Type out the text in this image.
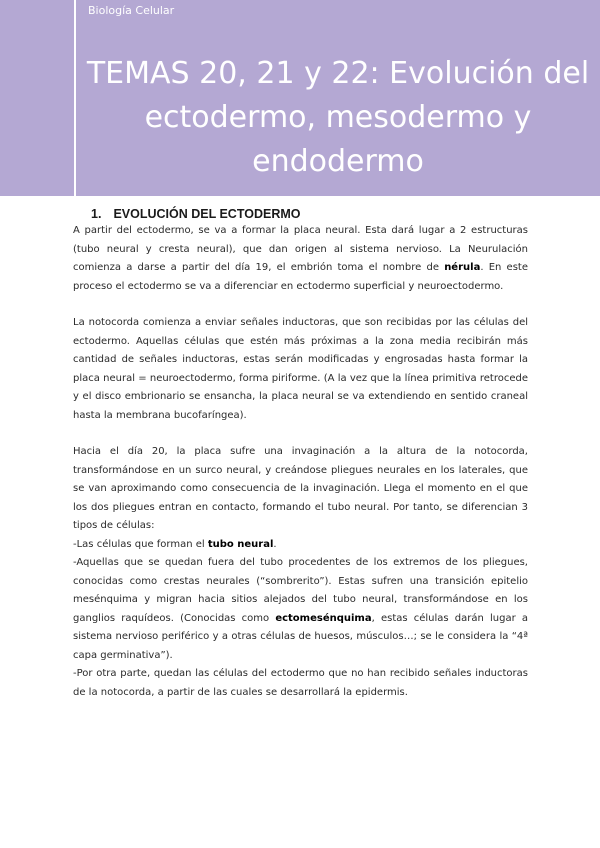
Biología Celular
TEMAS 20, 21 y 22: Evolución del ectodermo, mesodermo y endodermo
1. EVOLUCIÓN DEL ECTODERMO

A partir del ectodermo, se va a formar la placa neural. Esta dará lugar a 2 estructuras (tubo neural y cresta neural), que dan origen al sistema nervioso. La Neurulación comienza a darse a partir del día 19, el embrión toma el nombre de nérula. En este proceso el ectodermo se va a diferenciar en ectodermo superficial y neuroectodermo.

La notocorda comienza a enviar señales inductoras, que son recibidas por las células del ectodermo. Aquellas células que estén más próximas a la zona media recibirán más cantidad de señales inductoras, estas serán modificadas y engrosadas hasta formar la placa neural = neuroectodermo, forma piriforme. (A la vez que la línea primitiva retrocede y el disco embrionario se ensancha, la placa neural se va extendiendo en sentido craneal hasta la membrana bucofaríngea).

Hacia el día 20, la placa sufre una invaginación a la altura de la notocorda, transformándose en un surco neural, y creándose pliegues neurales en los laterales, que se van aproximando como consecuencia de la invaginación. Llega el momento en el que los dos pliegues entran en contacto, formando el tubo neural. Por tanto, se diferencian 3 tipos de células:

-Las células que forman el tubo neural.

-Aquellas que se quedan fuera del tubo procedentes de los extremos de los pliegues, conocidas como crestas neurales (“sombrerito”). Estas sufren una transición epitelio mesénquima y migran hacia sitios alejados del tubo neural, transformándose en los ganglios raquídeos. (Conocidas como ectomesénquima, estas células darán lugar a sistema nervioso periférico y a otras células de huesos, músculos…; se le considera la “4ª capa germinativa”).

-Por otra parte, quedan las células del ectodermo que no han recibido señales inductoras de la notocorda, a partir de las cuales se desarrollará la epidermis.
